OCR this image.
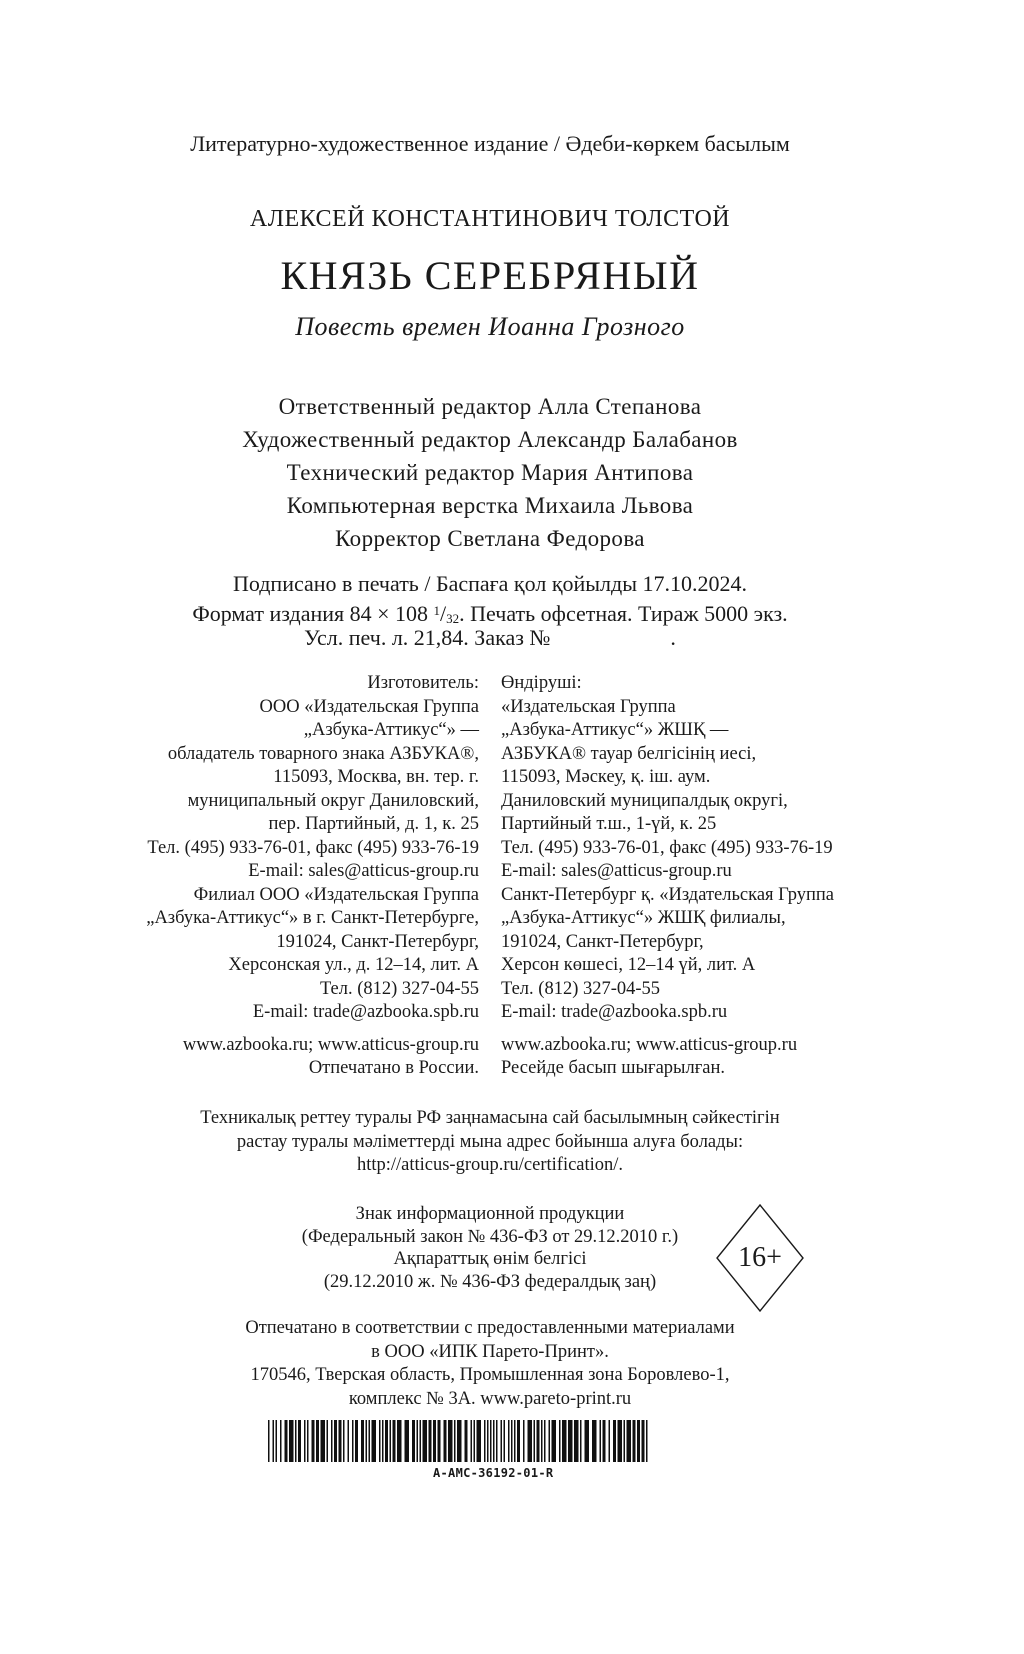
Литературно-художественное издание / Әдеби-көркем басылым
АЛЕКСЕЙ КОНСТАНТИНОВИЧ ТОЛСТОЙ
КНЯЗЬ СЕРЕБРЯНЫЙ
Повесть времен Иоанна Грозного
Ответственный редактор Алла Степанова
Художественный редактор Александр Балабанов
Технический редактор Мария Антипова
Компьютерная верстка Михаила Львова
Корректор Светлана Федорова
Подписано в печать / Баспаға қол қойылды 17.10.2024.
Формат издания 84 × 108 $^1$/32. Печать офсетная. Тираж 5000 экз.
Усл. печ. л. 21,84. Заказ №	.
Изготовитель:
ООО «Издательская Группа
„Азбука-Аттикус“» —
обладатель товарного знака АЗБУКА®,
115093, Москва, вн. тер. г.
муниципальный округ Даниловский,
пер. Партийный, д. 1, к. 25
Тел. (495) 933-76-01, факс (495) 933-76-19
E-mail: sales@atticus-group.ru
Филиал ООО «Издательская Группа
„Азбука-Аттикус“» в г. Санкт-Петербурге,
191024, Санкт-Петербург,
Херсонская ул., д. 12–14, лит. А
Тел. (812) 327-04-55
E-mail: trade@azbooka.spb.ru
www.azbooka.ru; www.atticus-group.ru
Отпечатано в России.
Өндіруші:
«Издательская Группа
„Азбука-Аттикус“» ЖШҚ —
АЗБУКА® тауар белгісінің иесі,
115093, Мәскеу, қ. іш. аум.
Даниловский муниципалдық округі,
Партийный т.ш., 1-үй, к. 25
Тел. (495) 933-76-01, факс (495) 933-76-19
E-mail: sales@atticus-group.ru
Санкт-Петербург қ. «Издательская Группа
„Азбука-Аттикус“» ЖШҚ филиалы,
191024, Санкт-Петербург,
Херсон көшесі, 12–14 үй, лит. А
Тел. (812) 327-04-55
E-mail: trade@azbooka.spb.ru
www.azbooka.ru; www.atticus-group.ru
Ресейде басып шығарылған.
Техникалық реттеу туралы РФ заңнамасына сай басылымның сәйкестігін
растау туралы мәліметтерді мына адрес бойынша алуға болады:
http://atticus-group.ru/certification/.
Знак информационной продукции
(Федеральный закон № 436-ФЗ от 29.12.2010 г.)
Ақпараттық өнім белгісі
(29.12.2010 ж. № 436-ФЗ федералдық заң)
16+
Отпечатано в соответствии с предоставленными материалами
в ООО «ИПК Парето-Принт».
170546, Тверская область, Промышленная зона Боровлево-1,
комплекс № 3А. www.pareto-print.ru
A-AMC-36192-01-R
